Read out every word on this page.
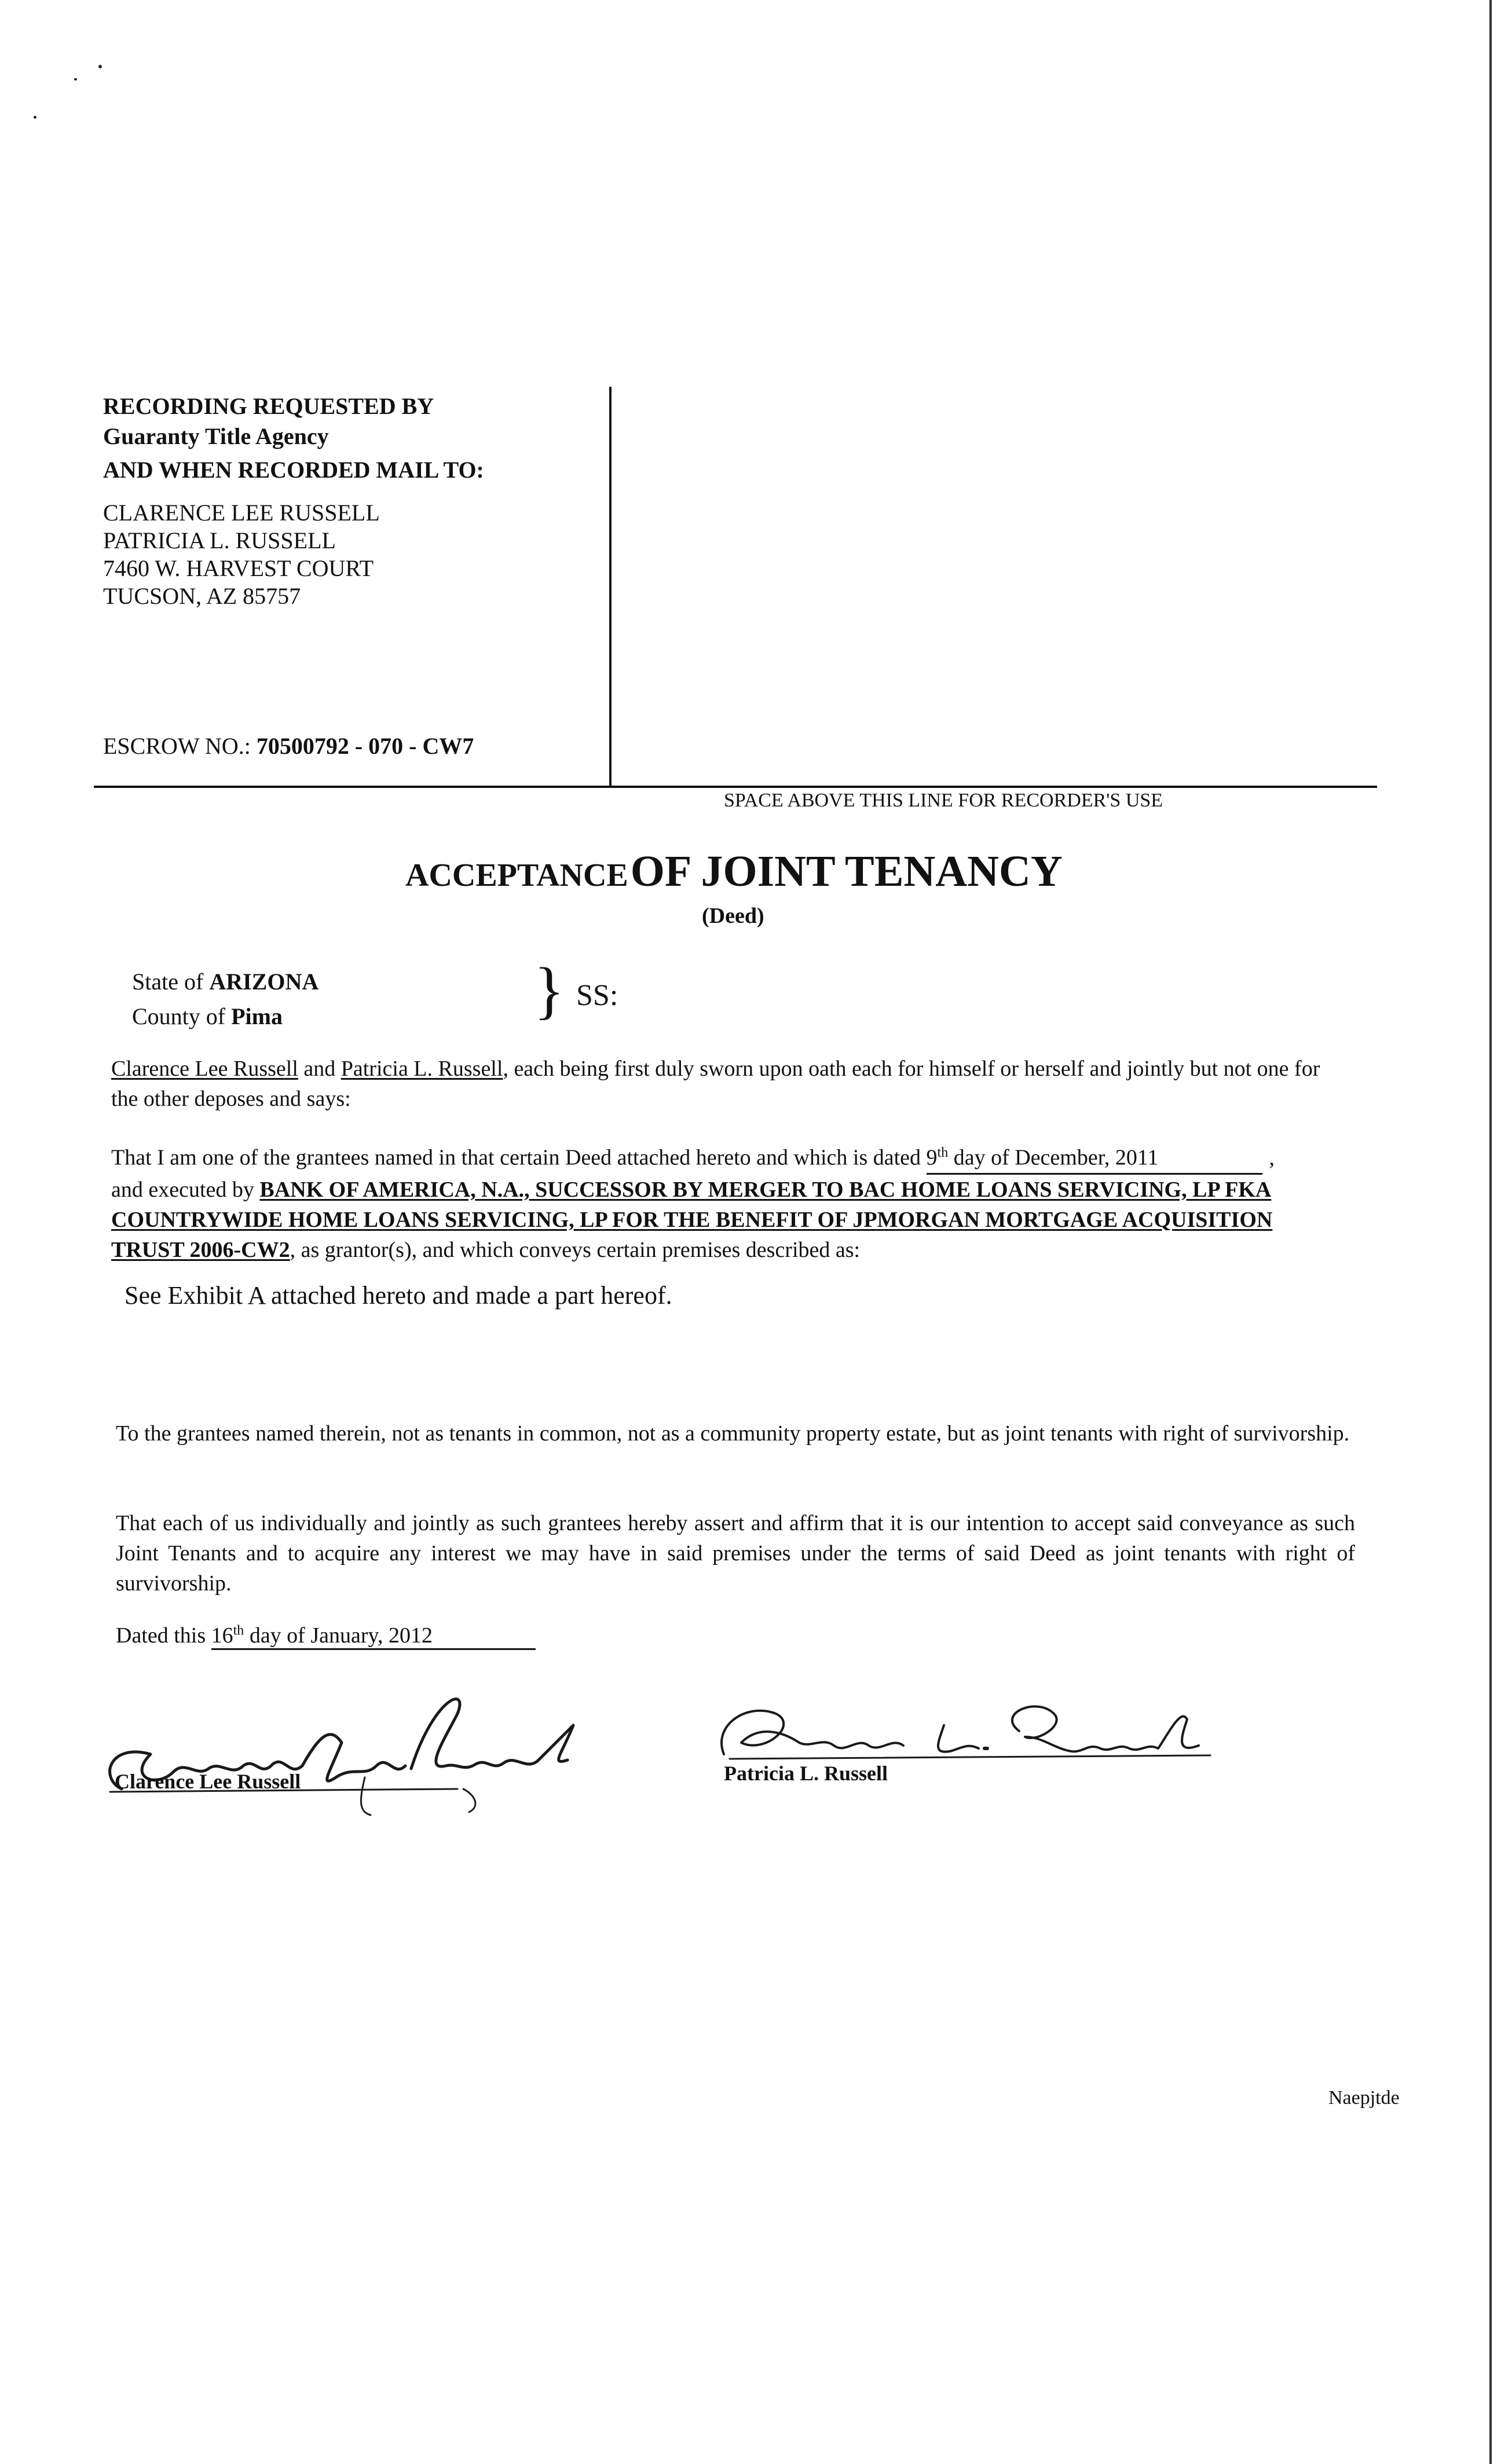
RECORDING REQUESTED BY
Guaranty Title Agency
AND WHEN RECORDED MAIL TO:
CLARENCE LEE RUSSELL
PATRICIA L. RUSSELL
7460 W. HARVEST COURT
TUCSON, AZ 85757
ESCROW NO.: 70500792 - 070 - CW7
SPACE ABOVE THIS LINE FOR RECORDER'S USE
ACCEPTANCE OF JOINT TENANCY
(Deed)
State of ARIZONA
County of Pima	} SS:
Clarence Lee Russell and Patricia L. Russell, each being first duly sworn upon oath each for himself or herself and jointly but not one for the other deposes and says:
That I am one of the grantees named in that certain Deed attached hereto and which is dated 9th day of December, 2011	,
and executed by BANK OF AMERICA, N.A., SUCCESSOR BY MERGER TO BAC HOME LOANS SERVICING, LP FKA COUNTRYWIDE HOME LOANS SERVICING, LP FOR THE BENEFIT OF JPMORGAN MORTGAGE ACQUISITION TRUST 2006-CW2, as grantor(s), and which conveys certain premises described as:
See Exhibit A attached hereto and made a part hereof.
To the grantees named therein, not as tenants in common, not as a community property estate, but as joint tenants with right of survivorship.
That each of us individually and jointly as such grantees hereby assert and affirm that it is our intention to accept said conveyance as such Joint Tenants and to acquire any interest we may have in said premises under the terms of said Deed as joint tenants with right of survivorship.
Dated this 16th day of January, 2012
Clarence Lee Russell	Patricia L. Russell
Naepjtde
